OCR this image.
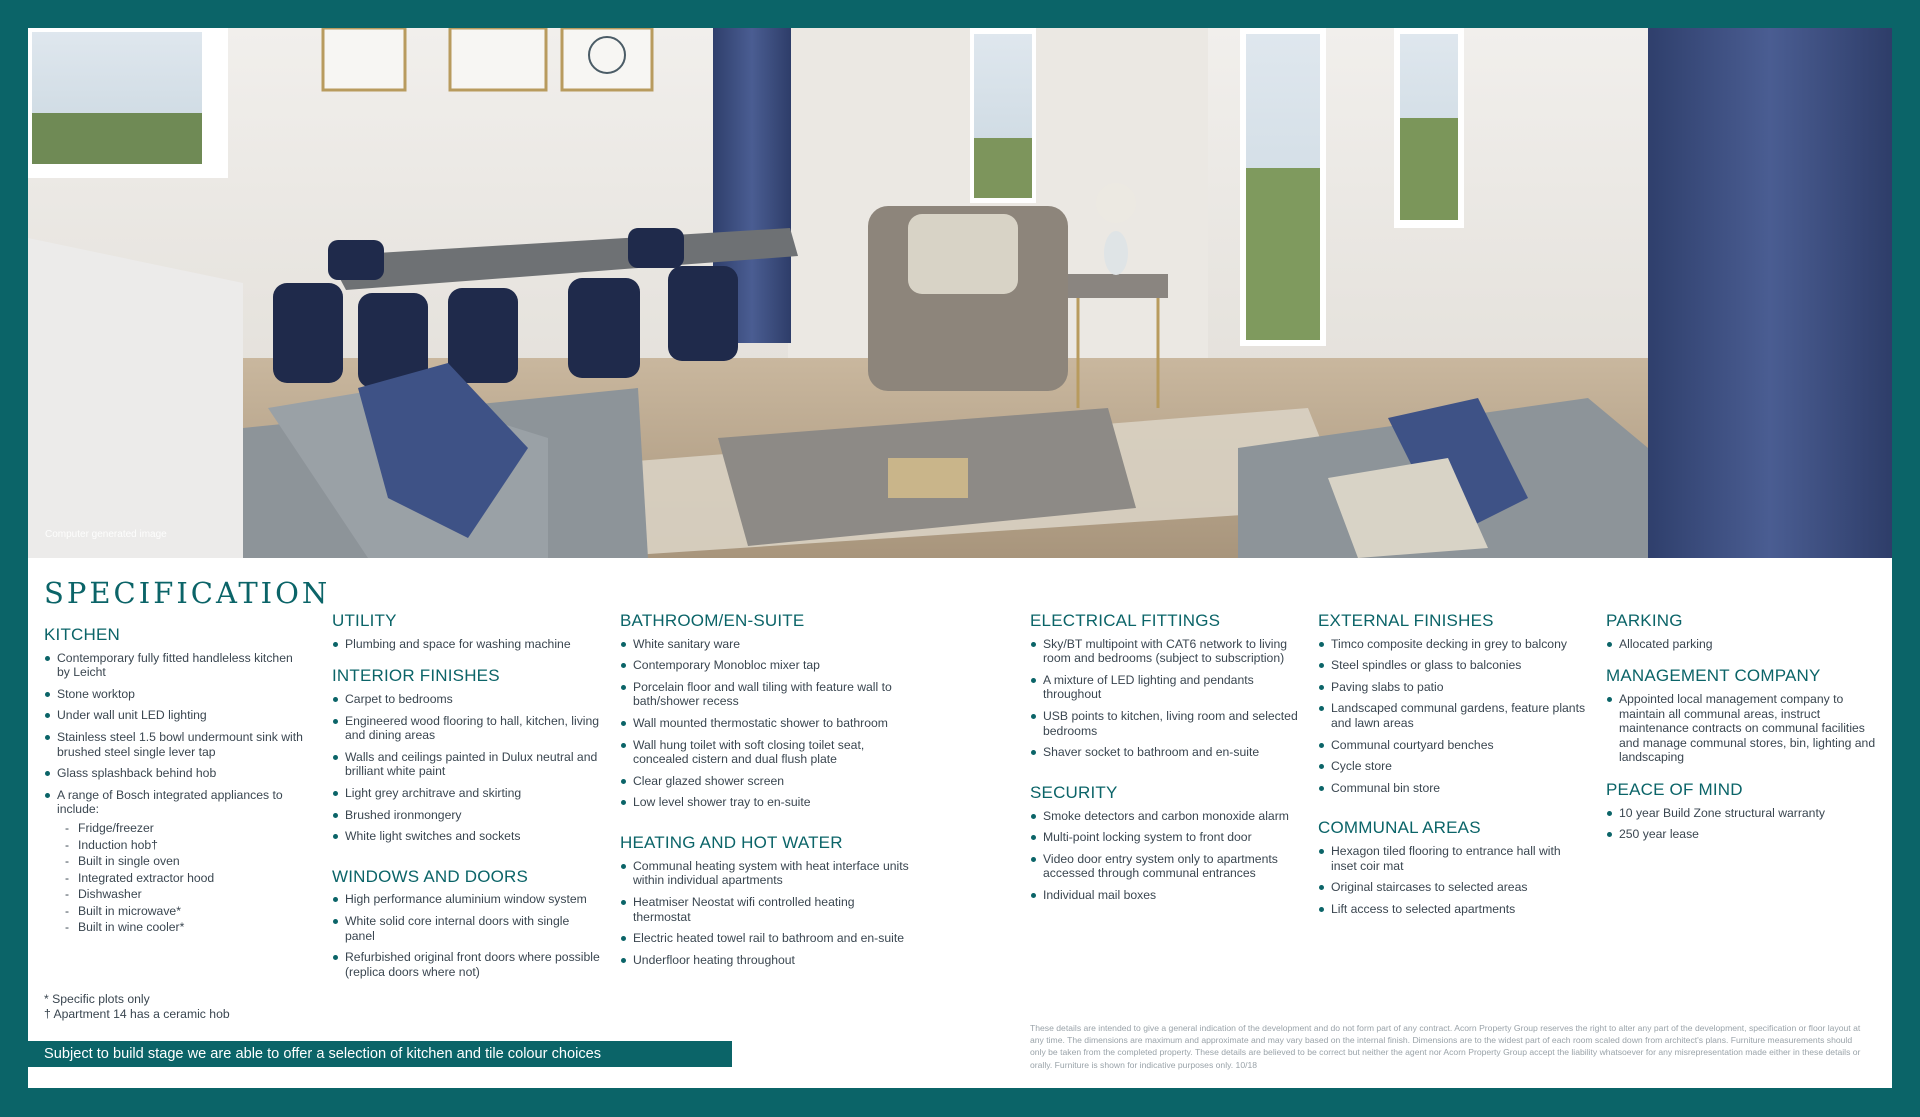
Computer generated image
SPECIFICATION
KITCHEN
Contemporary fully fitted handleless kitchen by Leicht
Stone worktop
Under wall unit LED lighting
Stainless steel 1.5 bowl undermount sink with brushed steel single lever tap
Glass splashback behind hob
A range of Bosch integrated appliances to include:
- Fridge/freezer
- Induction hob†
- Built in single oven
- Integrated extractor hood
- Dishwasher
- Built in microwave*
- Built in wine cooler*
* Specific plots only
† Apartment 14 has a ceramic hob
Subject to build stage we are able to offer a selection of kitchen and tile colour choices
UTILITY
Plumbing and space for washing machine
INTERIOR FINISHES
Carpet to bedrooms
Engineered wood flooring to hall, kitchen, living and dining areas
Walls and ceilings painted in Dulux neutral and brilliant white paint
Light grey architrave and skirting
Brushed ironmongery
White light switches and sockets
WINDOWS AND DOORS
High performance aluminium window system
White solid core internal doors with single panel
Refurbished original front doors where possible (replica doors where not)
BATHROOM/EN-SUITE
White sanitary ware
Contemporary Monobloc mixer tap
Porcelain floor and wall tiling with feature wall to bath/shower recess
Wall mounted thermostatic shower to bathroom
Wall hung toilet with soft closing toilet seat, concealed cistern and dual flush plate
Clear glazed shower screen
Low level shower tray to en-suite
HEATING AND HOT WATER
Communal heating system with heat interface units within individual apartments
Heatmiser Neostat wifi controlled heating thermostat
Electric heated towel rail to bathroom and en-suite
Underfloor heating throughout
ELECTRICAL FITTINGS
Sky/BT multipoint with CAT6 network to living room and bedrooms (subject to subscription)
A mixture of LED lighting and pendants throughout
USB points to kitchen, living room and selected bedrooms
Shaver socket to bathroom and en-suite
SECURITY
Smoke detectors and carbon monoxide alarm
Multi-point locking system to front door
Video door entry system only to apartments accessed through communal entrances
Individual mail boxes
EXTERNAL FINISHES
Timco composite decking in grey to balcony
Steel spindles or glass to balconies
Paving slabs to patio
Landscaped communal gardens, feature plants and lawn areas
Communal courtyard benches
Cycle store
Communal bin store
COMMUNAL AREAS
Hexagon tiled flooring to entrance hall with inset coir mat
Original staircases to selected areas
Lift access to selected apartments
PARKING
Allocated parking
MANAGEMENT COMPANY
Appointed local management company to maintain all communal areas, instruct maintenance contracts on communal facilities and manage communal stores, bin, lighting and landscaping
PEACE OF MIND
10 year Build Zone structural warranty
250 year lease
These details are intended to give a general indication of the development and do not form part of any contract. Acorn Property Group reserves the right to alter any part of the development, specification or floor layout at any time. The dimensions are maximum and approximate and may vary based on the internal finish. Dimensions are to the widest part of each room scaled down from architect's plans. Furniture measurements should only be taken from the completed property. These details are believed to be correct but neither the agent nor Acorn Property Group accept the liability whatsoever for any misrepresentation made either in these details or orally. Furniture is shown for indicative purposes only. 10/18
